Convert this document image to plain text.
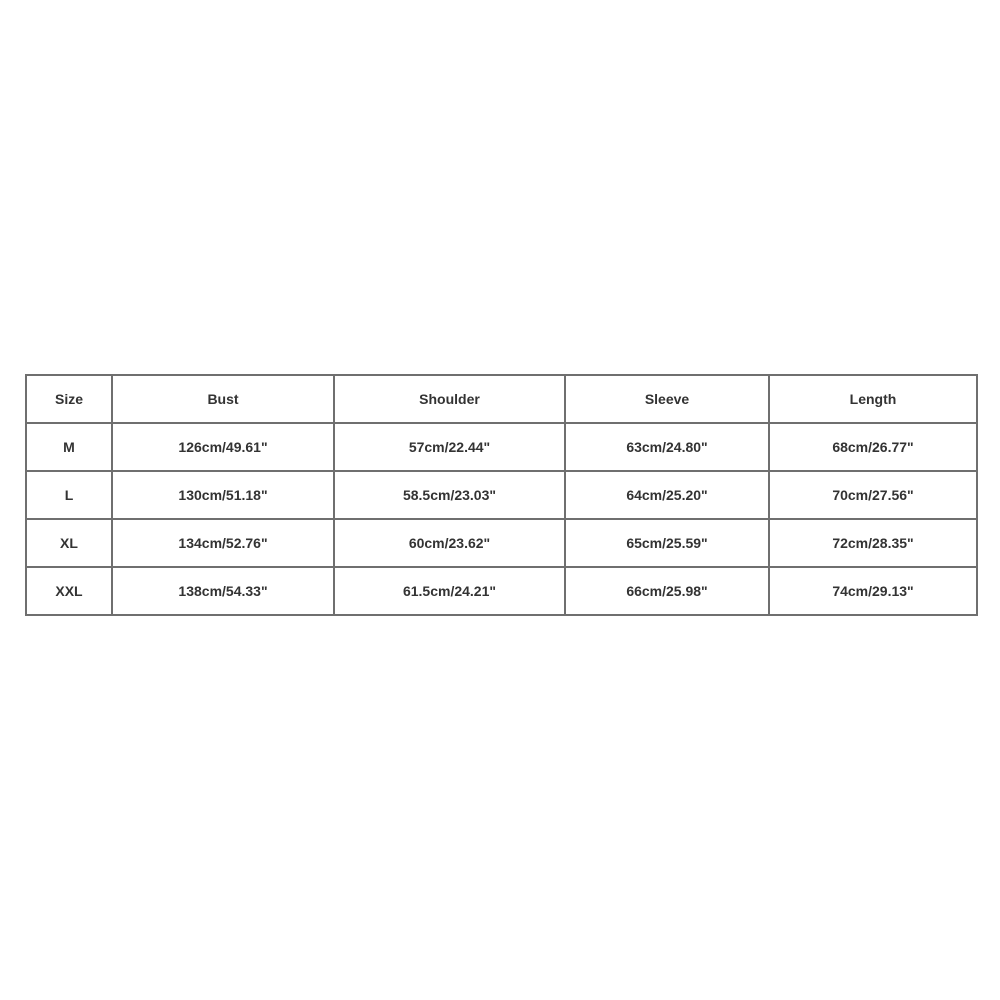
Size	Bust	Shoulder	Sleeve	Length
M	126cm/49.61"	57cm/22.44"	63cm/24.80"	68cm/26.77"
L	130cm/51.18"	58.5cm/23.03"	64cm/25.20"	70cm/27.56"
XL	134cm/52.76"	60cm/23.62"	65cm/25.59"	72cm/28.35"
XXL	138cm/54.33"	61.5cm/24.21"	66cm/25.98"	74cm/29.13"
